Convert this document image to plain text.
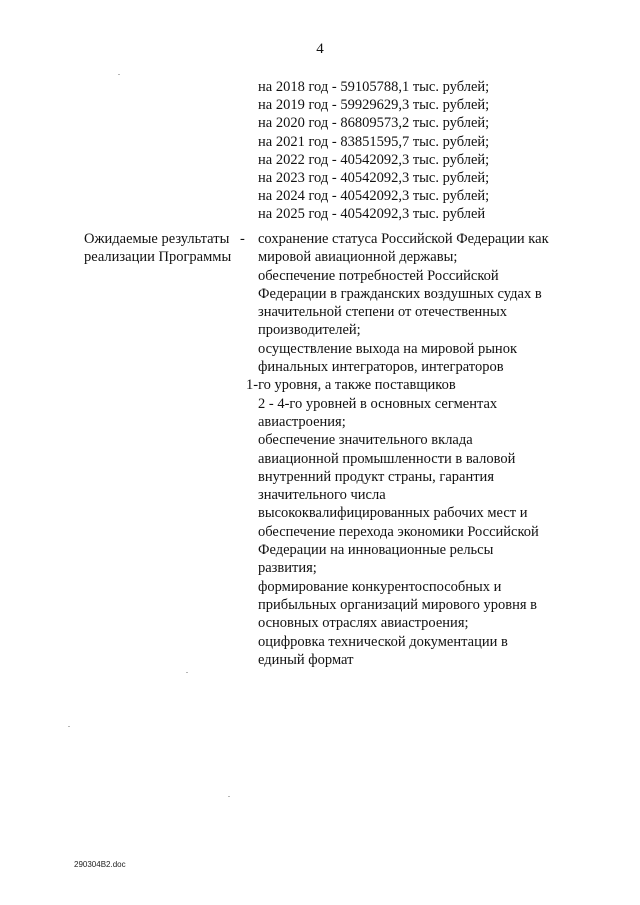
4
на 2018 год - 59105788,1 тыс. рублей;
на 2019 год - 59929629,3 тыс. рублей;
на 2020 год - 86809573,2 тыс. рублей;
на 2021 год - 83851595,7 тыс. рублей;
на 2022 год - 40542092,3 тыс. рублей;
на 2023 год - 40542092,3 тыс. рублей;
на 2024 год - 40542092,3 тыс. рублей;
на 2025 год - 40542092,3 тыс. рублей
Ожидаемые результаты
реализации Программы
- сохранение статуса Российской Федерации как
мировой авиационной державы;
обеспечение потребностей Российской
Федерации в гражданских воздушных судах в
значительной степени от отечественных
производителей;
осуществление выхода на мировой рынок
финальных интеграторов, интеграторов
1-го уровня, а также поставщиков
2 - 4-го уровней в основных сегментах
авиастроения;
обеспечение значительного вклада
авиационной промышленности в валовой
внутренний продукт страны, гарантия
значительного числа
высококвалифицированных рабочих мест и
обеспечение перехода экономики Российской
Федерации на инновационные рельсы
развития;
формирование конкурентоспособных и
прибыльных организаций мирового уровня в
основных отраслях авиастроения;
оцифровка технической документации в
единый формат
290304B2.doc
